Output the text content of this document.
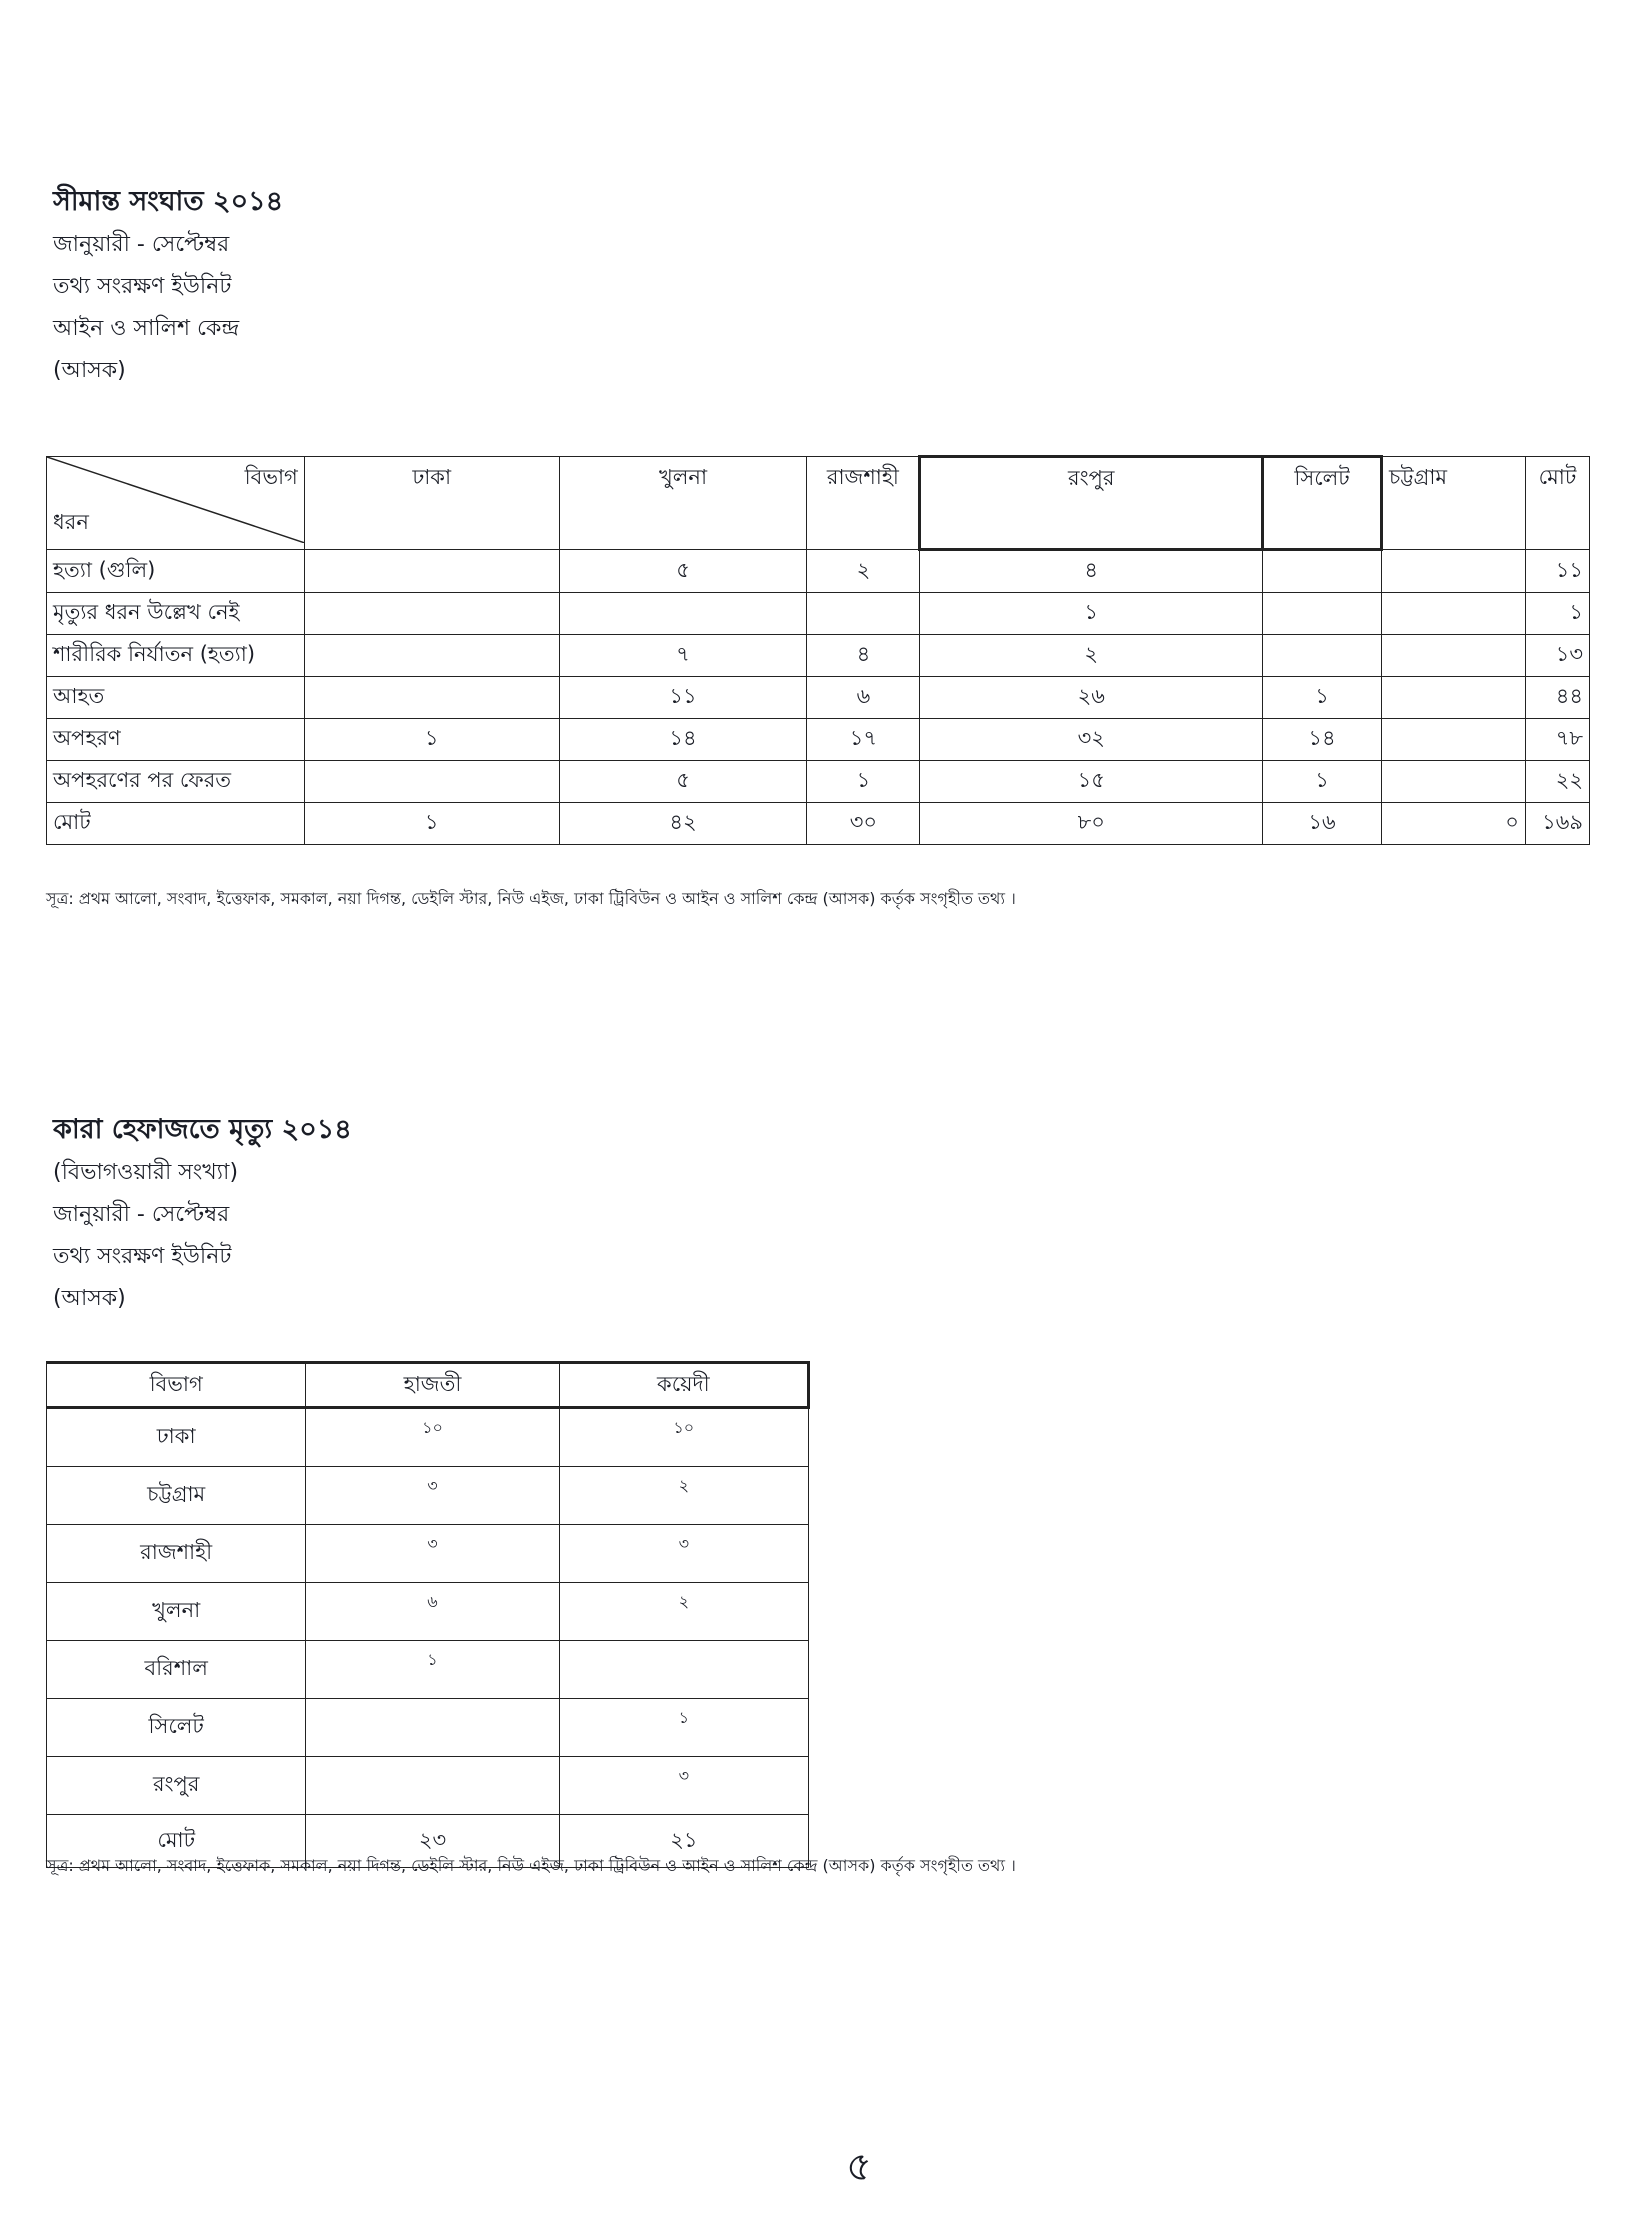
সীমান্ত সংঘাত ২০১৪
জানুয়ারী - সেপ্টেম্বর
তথ্য সংরক্ষণ ইউনিট
আইন ও সালিশ কেন্দ্র
(আসক)
বিভাগ
ধরন	ঢাকা	খুলনা	রাজশাহী	রংপুর	সিলেট	চট্টগ্রাম	মোট
হত্যা (গুলি)		৫	২	৪			১১
মৃত্যুর ধরন উল্লেখ নেই				১			১
শারীরিক নির্যাতন (হত্যা)		৭	৪	২			১৩
আহত		১১	৬	২৬	১		৪৪
অপহরণ	১	১৪	১৭	৩২	১৪		৭৮
অপহরণের পর ফেরত		৫	১	১৫	১		২২
মোট	১	৪২	৩০	৮০	১৬	০	১৬৯
সূত্র: প্রথম আলো, সংবাদ, ইত্তেফাক, সমকাল, নয়া দিগন্ত, ডেইলি স্টার, নিউ এইজ, ঢাকা ট্রিবিউন ও আইন ও সালিশ কেন্দ্র (আসক) কর্তৃক সংগৃহীত তথ্য ।
কারা হেফাজতে মৃত্যু ২০১৪
(বিভাগওয়ারী সংখ্যা)
জানুয়ারী - সেপ্টেম্বর
তথ্য সংরক্ষণ ইউনিট
(আসক)
বিভাগ	হাজতী	কয়েদী
ঢাকা	১০	১০
চট্টগ্রাম	৩	২
রাজশাহী	৩	৩
খুলনা	৬	২
বরিশাল	১	
সিলেট		১
রংপুর		৩
মোট	২৩	২১
সূত্র: প্রথম আলো, সংবাদ, ইত্তেফাক, সমকাল, নয়া দিগন্ত, ডেইলি স্টার, নিউ এইজ, ঢাকা ট্রিবিউন ও আইন ও সালিশ কেন্দ্র (আসক) কর্তৃক সংগৃহীত তথ্য ।
৫
